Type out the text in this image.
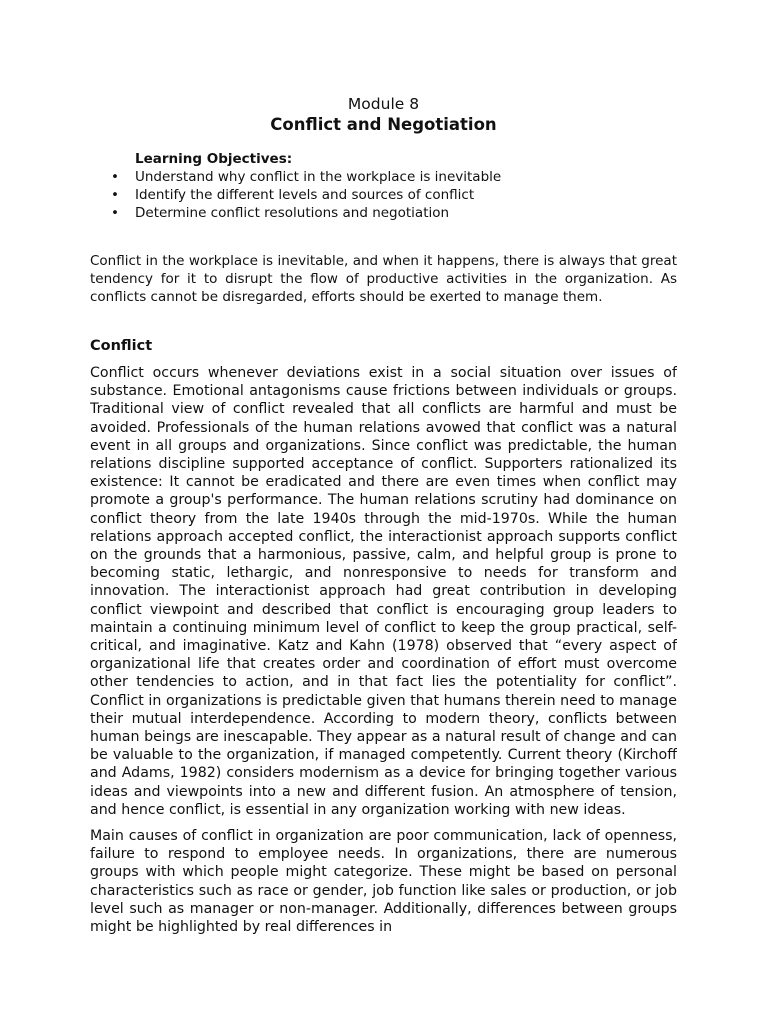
Module 8
Conflict and Negotiation

Learning Objectives:

• Understand why conflict in the workplace is inevitable
• Identify the different levels and sources of conflict
• Determine conflict resolutions and negotiation

Conflict in the workplace is inevitable, and when it happens, there is always that great tendency for it to disrupt the flow of productive activities in the organization. As conflicts cannot be disregarded, efforts should be exerted to manage them.

Conflict

Conflict occurs whenever deviations exist in a social situation over issues of substance. Emotional antagonisms cause frictions between individuals or groups. Traditional view of conflict revealed that all conflicts are harmful and must be avoided. Professionals of the human relations avowed that conflict was a natural event in all groups and organizations. Since conflict was predictable, the human relations discipline supported acceptance of conflict. Supporters rationalized its existence: It cannot be eradicated and there are even times when conflict may promote a group's performance. The human relations scrutiny had dominance on conflict theory from the late 1940s through the mid-1970s. While the human relations approach accepted conflict, the interactionist approach supports conflict on the grounds that a harmonious, passive, calm, and helpful group is prone to becoming static, lethargic, and nonresponsive to needs for transform and innovation. The interactionist approach had great contribution in developing conflict viewpoint and described that conflict is encouraging group leaders to maintain a continuing minimum level of conflict to keep the group practical, self-critical, and imaginative. Katz and Kahn (1978) observed that “every aspect of organizational life that creates order and coordination of effort must overcome other tendencies to action, and in that fact lies the potentiality for conflict”. Conflict in organizations is predictable given that humans therein need to manage their mutual interdependence. According to modern theory, conflicts between human beings are inescapable. They appear as a natural result of change and can be valuable to the organization, if managed competently. Current theory (Kirchoff and Adams, 1982) considers modernism as a device for bringing together various ideas and viewpoints into a new and different fusion. An atmosphere of tension, and hence conflict, is essential in any organization working with new ideas.

Main causes of conflict in organization are poor communication, lack of openness, failure to respond to employee needs. In organizations, there are numerous groups with which people might categorize. These might be based on personal characteristics such as race or gender, job function like sales or production, or job level such as manager or non-manager. Additionally, differences between groups might be highlighted by real differences in
